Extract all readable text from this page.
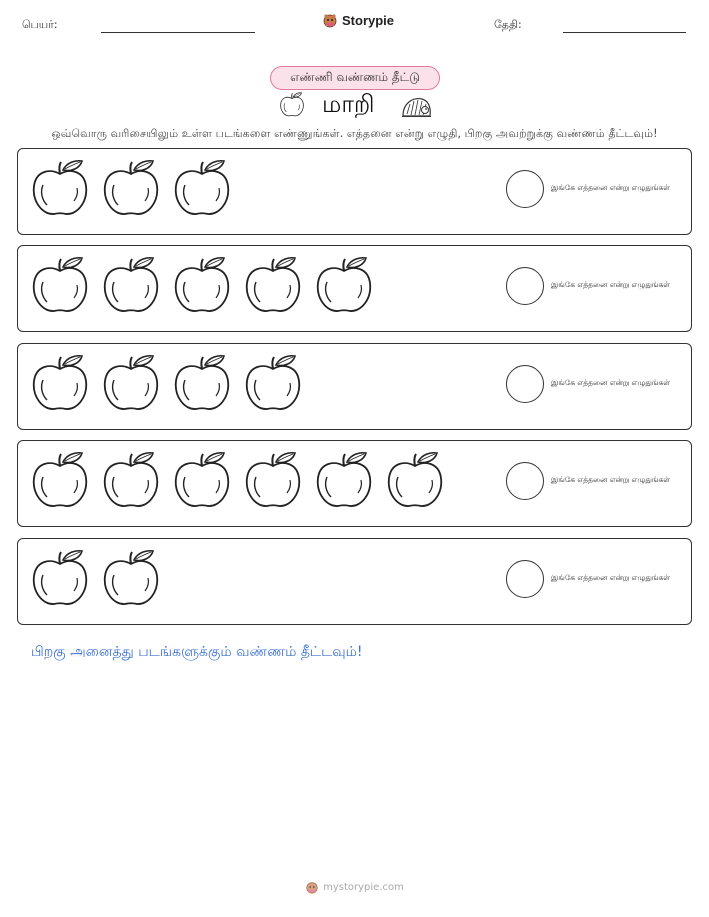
பெயர்:	Storypie	தேதி:
எண்ணி வண்ணம் தீட்டு
மாறி
ஒவ்வொரு வரிசையிலும் உள்ள படங்களை எண்ணுங்கள். எத்தனை என்று எழுதி, பிறகு அவற்றுக்கு வண்ணம் தீட்டவும்!
இங்கே எத்தனை என்று எழுதுங்கள்
இங்கே எத்தனை என்று எழுதுங்கள்
இங்கே எத்தனை என்று எழுதுங்கள்
இங்கே எத்தனை என்று எழுதுங்கள்
இங்கே எத்தனை என்று எழுதுங்கள்
பிறகு அனைத்து படங்களுக்கும் வண்ணம் தீட்டவும்!
mystorypie.com
